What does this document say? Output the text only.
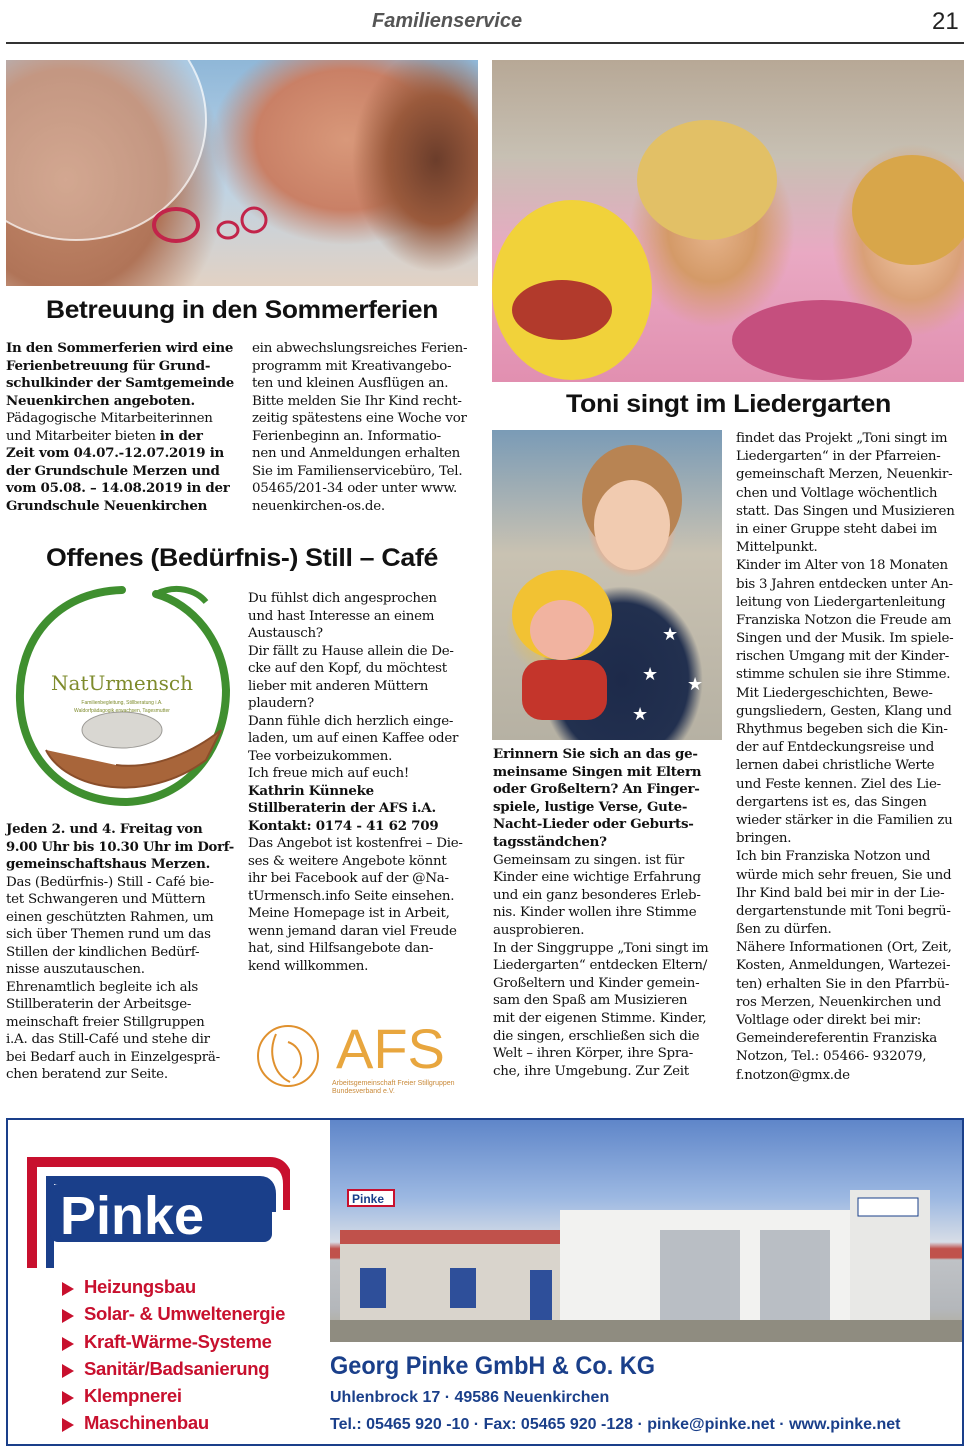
Familienservice	21
Betreuung in den Sommerferien
In den Sommerferien wird eine
Ferienbetreuung für Grund-
schulkinder der Samtgemeinde
Neuenkirchen angeboten.
Pädagogische Mitarbeiterinnen
und Mitarbeiter bieten in der
Zeit vom 04.07.-12.07.2019 in
der Grundschule Merzen und
vom 05.08. – 14.08.2019 in der
Grundschule Neuenkirchen
ein abwechslungsreiches Ferien-
programm mit Kreativangebo-
ten und kleinen Ausflügen an.
Bitte melden Sie Ihr Kind recht-
zeitig spätestens eine Woche vor
Ferienbeginn an. Informatio-
nen und Anmeldungen erhalten
Sie im Familienservicebüro, Tel.
05465/201-34 oder unter www.
neuenkirchen-os.de.
Offenes (Bedürfnis-) Still – Café
NatUrmensch
Familienbegleitung, Stillberatung i.A.
Waldorfpädagogik erwachsen, Tagesmutter
Jeden 2. und 4. Freitag von
9.00 Uhr bis 10.30 Uhr im Dorf-
gemeinschaftshaus Merzen.
Das (Bedürfnis-) Still - Café bie-
tet Schwangeren und Müttern
einen geschützten Rahmen, um
sich über Themen rund um das
Stillen der kindlichen Bedürf-
nisse auszutauschen.
Ehrenamtlich begleite ich als
Stillberaterin der Arbeitsge-
meinschaft freier Stillgruppen
i.A. das Still-Café und stehe dir
bei Bedarf auch in Einzelgesprä-
chen beratend zur Seite.
Du fühlst dich angesprochen
und hast Interesse an einem
Austausch?
Dir fällt zu Hause allein die De-
cke auf den Kopf, du möchtest
lieber mit anderen Müttern
plaudern?
Dann fühle dich herzlich einge-
laden, um auf einen Kaffee oder
Tee vorbeizukommen.
Ich freue mich auf euch!
Kathrin Künneke
Stillberaterin der AFS i.A.
Kontakt: 0174 - 41 62 709
Das Angebot ist kostenfrei – Die-
ses & weitere Angebote könnt
ihr bei Facebook auf der @Na-
tUrmensch.info Seite einsehen.
Meine Homepage ist in Arbeit,
wenn jemand daran viel Freude
hat, sind Hilfsangebote dan-
kend willkommen.
AFS
Arbeitsgemeinschaft Freier Stillgruppen
Bundesverband e.V.
Toni singt im Liedergarten
★
★ ★
★
Erinnern Sie sich an das ge-
meinsame Singen mit Eltern
oder Großeltern? An Finger-
spiele, lustige Verse, Gute-
Nacht-Lieder oder Geburts-
tagsständchen?
Gemeinsam zu singen. ist für
Kinder eine wichtige Erfahrung
und ein ganz besonderes Erleb-
nis. Kinder wollen ihre Stimme
ausprobieren.
In der Singgruppe „Toni singt im
Liedergarten“ entdecken Eltern/
Großeltern und Kinder gemein-
sam den Spaß am Musizieren
mit der eigenen Stimme. Kinder,
die singen, erschließen sich die
Welt – ihren Körper, ihre Spra-
che, ihre Umgebung. Zur Zeit
findet das Projekt „Toni singt im
Liedergarten“ in der Pfarreien-
gemeinschaft Merzen, Neuenkir-
chen und Voltlage wöchentlich
statt. Das Singen und Musizieren
in einer Gruppe steht dabei im
Mittelpunkt.
Kinder im Alter von 18 Monaten
bis 3 Jahren entdecken unter An-
leitung von Liedergartenleitung
Franziska Notzon die Freude am
Singen und der Musik. Im spiele-
rischen Umgang mit der Kinder-
stimme schulen sie ihre Stimme.
Mit Liedergeschichten, Bewe-
gungsliedern, Gesten, Klang und
Rhythmus begeben sich die Kin-
der auf Entdeckungsreise und
lernen dabei christliche Werte
und Feste kennen. Ziel des Lie-
dergartens ist es, das Singen
wieder stärker in die Familien zu
bringen.
Ich bin Franziska Notzon und
würde mich sehr freuen, Sie und
Ihr Kind bald bei mir in der Lie-
dergartenstunde mit Toni begrü-
ßen zu dürfen.
Nähere Informationen (Ort, Zeit,
Kosten, Anmeldungen, Wartezei-
ten) erhalten Sie in den Pfarrbü-
ros Merzen, Neuenkirchen und
Voltlage oder direkt bei mir:
Gemeindereferentin Franziska
Notzon, Tel.: 05466- 932079,
f.notzon@gmx.de
Pinke
Pinke
Heizungsbau
Solar- & Umweltenergie
Kraft-Wärme-Systeme
Sanitär/Badsanierung
Klempnerei
Maschinenbau
Georg Pinke GmbH & Co. KG
Uhlenbrock 17 · 49586 Neuenkirchen
Tel.: 05465 920 -10 · Fax: 05465 920 -128 · pinke@pinke.net · www.pinke.net
